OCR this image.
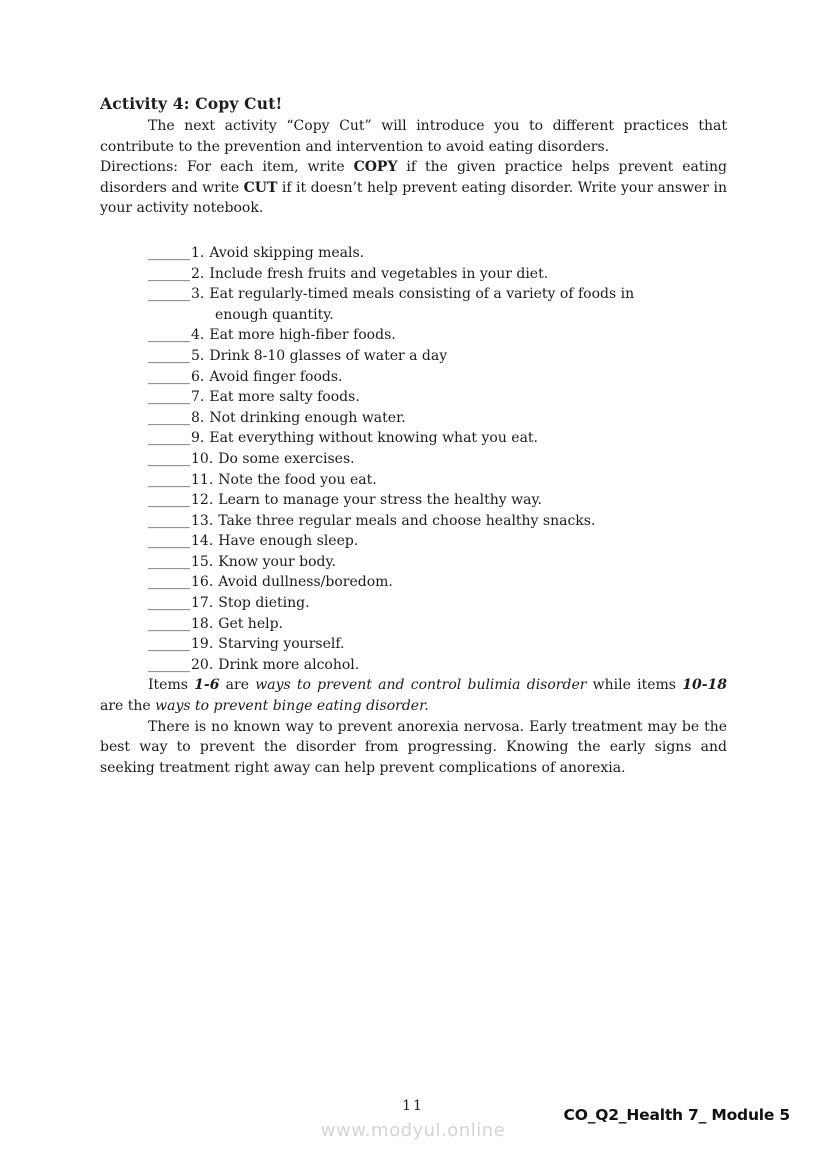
Activity 4: Copy Cut!

The next activity “Copy Cut” will introduce you to different practices that contribute to the prevention and intervention to avoid eating disorders.

Directions: For each item, write COPY if the given practice helps prevent eating disorders and write CUT if it doesn’t help prevent eating disorder. Write your answer in your activity notebook.

______1. Avoid skipping meals.
______2. Include fresh fruits and vegetables in your diet.
______3. Eat regularly-timed meals consisting of a variety of foods in
enough quantity.
______4. Eat more high-fiber foods.
______5. Drink 8-10 glasses of water a day
______6. Avoid finger foods.
______7. Eat more salty foods.
______8. Not drinking enough water.
______9. Eat everything without knowing what you eat.
______10. Do some exercises.
______11. Note the food you eat.
______12. Learn to manage your stress the healthy way.
______13. Take three regular meals and choose healthy snacks.
______14. Have enough sleep.
______15. Know your body.
______16. Avoid dullness/boredom.
______17. Stop dieting.
______18. Get help.
______19. Starving yourself.
______20. Drink more alcohol.

Items 1-6 are ways to prevent and control bulimia disorder while items 10-18 are the ways to prevent binge eating disorder.

There is no known way to prevent anorexia nervosa. Early treatment may be the best way to prevent the disorder from progressing. Knowing the early signs and seeking treatment right away can help prevent complications of anorexia.

11
www.modyul.online
CO_Q2_Health 7_ Module 5
